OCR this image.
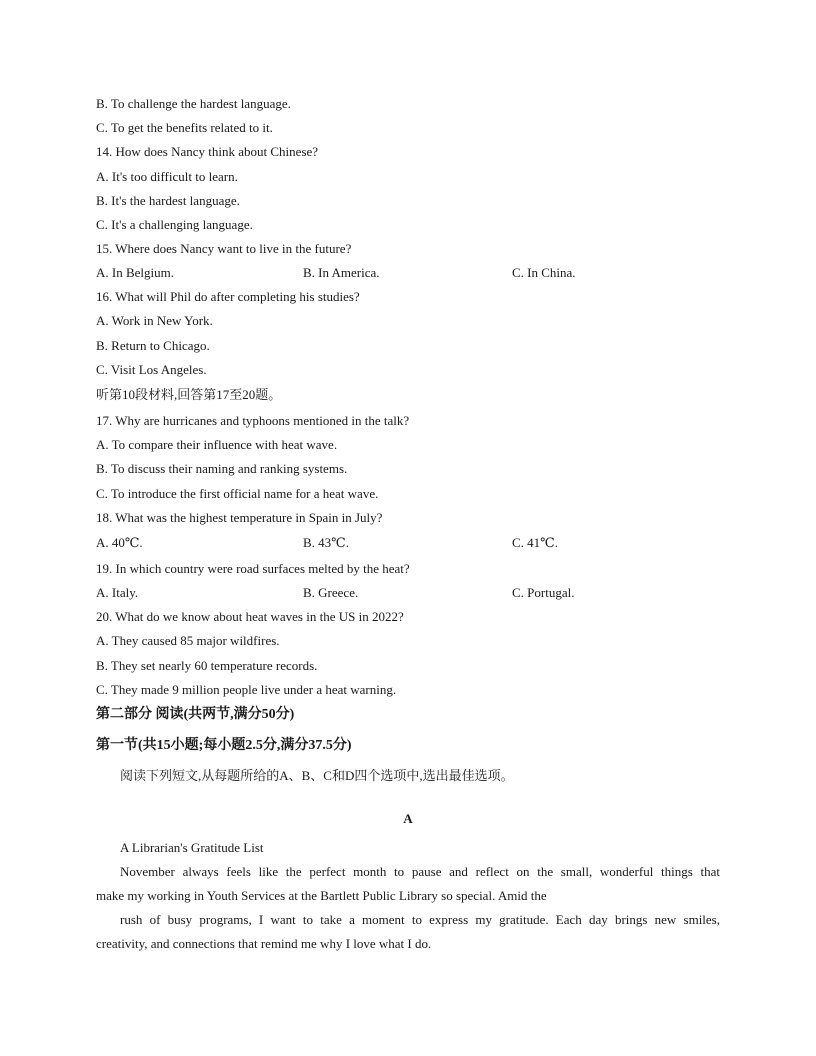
B. To challenge the hardest language.
C. To get the benefits related to it.
14. How does Nancy think about Chinese?
A. It's too difficult to learn.
B. It's the hardest language.
C. It's a challenging language.
15. Where does Nancy want to live in the future?
A. In Belgium.	B. In America.	C. In China.
16. What will Phil do after completing his studies?
A. Work in New York.
B. Return to Chicago.
C. Visit Los Angeles.
听第10段材料,回答第17至20题。
17. Why are hurricanes and typhoons mentioned in the talk?
A. To compare their influence with heat wave.
B. To discuss their naming and ranking systems.
C. To introduce the first official name for a heat wave.
18. What was the highest temperature in Spain in July?
A. 40℃.	B. 43℃.	C. 41℃.
19. In which country were road surfaces melted by the heat?
A. Italy.	B. Greece.	C. Portugal.
20. What do we know about heat waves in the US in 2022?
A. They caused 85 major wildfires.
B. They set nearly 60 temperature records.
C. They made 9 million people live under a heat warning.
第二部分 阅读(共两节,满分50分)
第一节(共15小题;每小题2.5分,满分37.5分)
阅读下列短文,从每题所给的A、B、C和D四个选项中,选出最佳选项。
A
A Librarian's Gratitude List
November always feels like the perfect month to pause and reflect on the small, wonderful things that
make my working in Youth Services at the Bartlett Public Library so special. Amid the
rush of busy programs, I want to take a moment to express my gratitude. Each day brings new smiles,
creativity, and connections that remind me why I love what I do.
